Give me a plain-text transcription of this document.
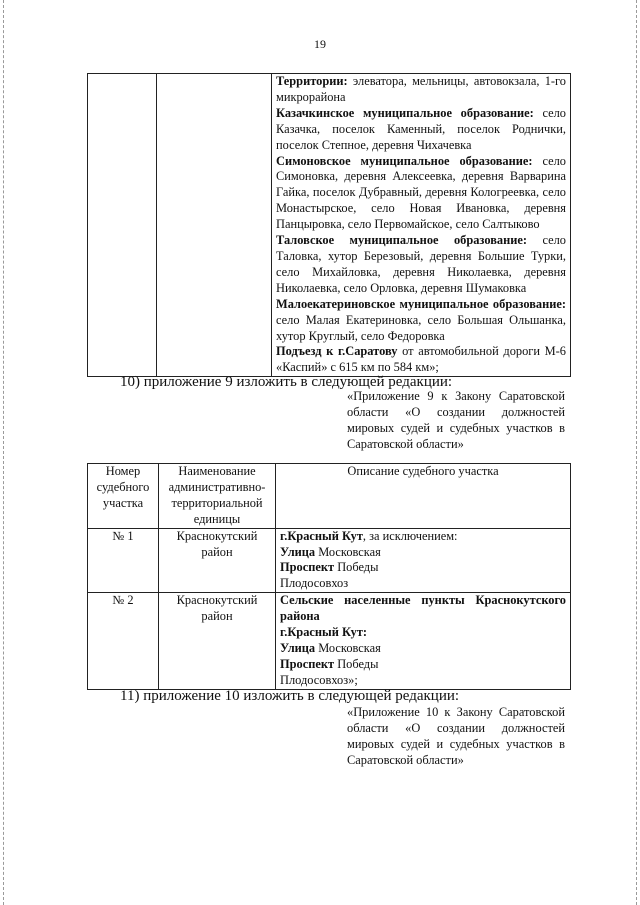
19

Территории: элеватора, мельницы, автовокзала, 1-го микрорайона
Казачкинское муниципальное образование: село Казачка, поселок Каменный, поселок Роднички, поселок Степное, деревня Чихачевка
Симоновское муниципальное образование: село Симоновка, деревня Алексеевка, деревня Варварина Гайка, поселок Дубравный, деревня Кологреевка, село Монастырское, село Новая Ивановка, деревня Панцыровка, село Первомайское, село Салтыково
Таловское муниципальное образование: село Таловка, хутор Березовый, деревня Большие Турки, село Михайловка, деревня Николаевка, деревня Николаевка, село Орловка, деревня Шумаковка
Малоекатериновское муниципальное образование: село Малая Екатериновка, село Большая Ольшанка, хутор Круглый, село Федоровка
Подъезд к г.Саратову от автомобильной дороги М-6 «Каспий» с 615 км по 584 км»;
10) приложение 9 изложить в следующей редакции:
«Приложение 9 к Закону Саратовской области «О создании должностей мировых судей и судебных участков в Саратовской области»
Номер судебного участка	Наименование административно-территориальной единицы	Описание судебного участка
№ 1	Краснокутский район	г.Красный Кут, за исключением:
Улица Московская
Проспект Победы
Плодосовхоз

№ 2	Краснокутский район	Сельские населенные пункты Краснокутского района
г.Красный Кут:
Улица Московская
Проспект Победы
Плодосовхоз»;
11) приложение 10 изложить в следующей редакции:
«Приложение 10 к Закону Саратовской области «О создании должностей мировых судей и судебных участков в Саратовской области»
